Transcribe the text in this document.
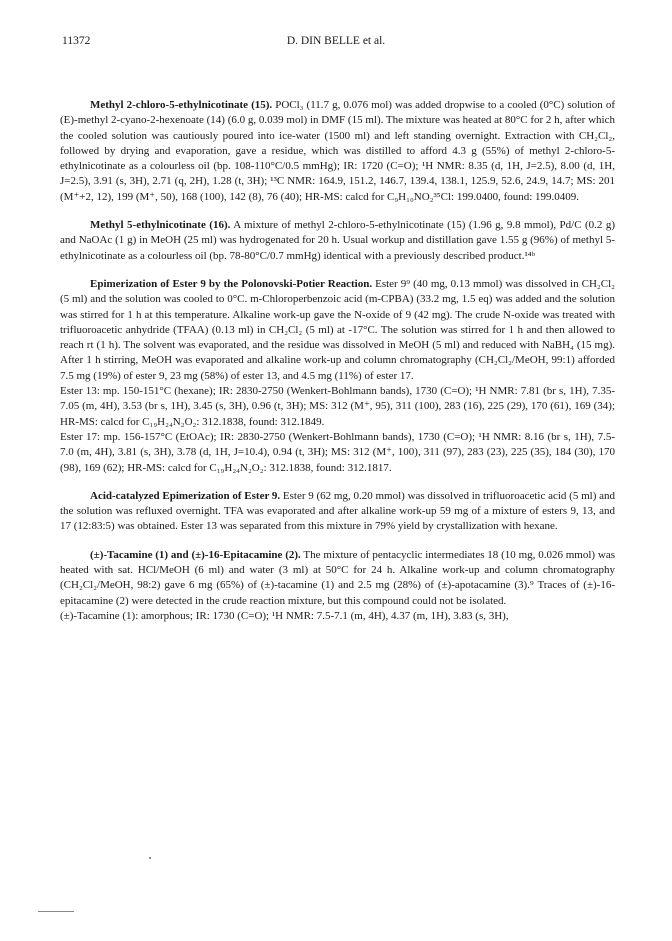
11372	D. DIN BELLE et al.

Methyl 2-chloro-5-ethylnicotinate (15). POCl₃ (11.7 g, 0.076 mol) was added dropwise to a cooled (0°C) solution of (E)-methyl 2-cyano-2-hexenoate (14) (6.0 g, 0.039 mol) in DMF (15 ml). The mixture was heated at 80°C for 2 h, after which the cooled solution was cautiously poured into ice-water (1500 ml) and left standing overnight. Extraction with CH₂Cl₂, followed by drying and evaporation, gave a residue, which was distilled to afford 4.3 g (55%) of methyl 2-chloro-5-ethylnicotinate as a colourless oil (bp. 108-110°C/0.5 mmHg); IR: 1720 (C=O); ¹H NMR: 8.35 (d, 1H, J=2.5), 8.00 (d, 1H, J=2.5), 3.91 (s, 3H), 2.71 (q, 2H), 1.28 (t, 3H); ¹³C NMR: 164.9, 151.2, 146.7, 139.4, 138.1, 125.9, 52.6, 24.9, 14.7; MS: 201 (M⁺+2, 12), 199 (M⁺, 50), 168 (100), 142 (8), 76 (40); HR-MS: calcd for C₉H₁₀NO₂³⁵Cl: 199.0400, found: 199.0409.

Methyl 5-ethylnicotinate (16). A mixture of methyl 2-chloro-5-ethylnicotinate (15) (1.96 g, 9.8 mmol), Pd/C (0.2 g) and NaOAc (1 g) in MeOH (25 ml) was hydrogenated for 20 h. Usual workup and distillation gave 1.55 g (96%) of methyl 5-ethylnicotinate as a colourless oil (bp. 78-80°C/0.7 mmHg) identical with a previously described product.¹⁴ᵇ

Epimerization of Ester 9 by the Polonovski-Potier Reaction. Ester 9⁹ (40 mg, 0.13 mmol) was dissolved in CH₂Cl₂ (5 ml) and the solution was cooled to 0°C. m-Chloroperbenzoic acid (m-CPBA) (33.2 mg, 1.5 eq) was added and the solution was stirred for 1 h at this temperature. Alkaline work-up gave the N-oxide of 9 (42 mg). The crude N-oxide was treated with trifluoroacetic anhydride (TFAA) (0.13 ml) in CH₂Cl₂ (5 ml) at -17°C. The solution was stirred for 1 h and then allowed to reach rt (1 h). The solvent was evaporated, and the residue was dissolved in MeOH (5 ml) and reduced with NaBH₄ (15 mg). After 1 h stirring, MeOH was evaporated and alkaline work-up and column chromatography (CH₂Cl₂/MeOH, 99:1) afforded 7.5 mg (19%) of ester 9, 23 mg (58%) of ester 13, and 4.5 mg (11%) of ester 17.

Ester 13: mp. 150-151°C (hexane); IR: 2830-2750 (Wenkert-Bohlmann bands), 1730 (C=O); ¹H NMR: 7.81 (br s, 1H), 7.35-7.05 (m, 4H), 3.53 (br s, 1H), 3.45 (s, 3H), 0.96 (t, 3H); MS: 312 (M⁺, 95), 311 (100), 283 (16), 225 (29), 170 (61), 169 (34); HR-MS: calcd for C₁₉H₂₄N₂O₂: 312.1838, found: 312.1849.

Ester 17: mp. 156-157°C (EtOAc); IR: 2830-2750 (Wenkert-Bohlmann bands), 1730 (C=O); ¹H NMR: 8.16 (br s, 1H), 7.5-7.0 (m, 4H), 3.81 (s, 3H), 3.78 (d, 1H, J=10.4), 0.94 (t, 3H); MS: 312 (M⁺, 100), 311 (97), 283 (23), 225 (35), 184 (30), 170 (98), 169 (62); HR-MS: calcd for C₁₉H₂₄N₂O₂: 312.1838, found: 312.1817.

Acid-catalyzed Epimerization of Ester 9. Ester 9 (62 mg, 0.20 mmol) was dissolved in trifluoroacetic acid (5 ml) and the solution was refluxed overnight. TFA was evaporated and after alkaline work-up 59 mg of a mixture of esters 9, 13, and 17 (12:83:5) was obtained. Ester 13 was separated from this mixture in 79% yield by crystallization with hexane.

(±)-Tacamine (1) and (±)-16-Epitacamine (2). The mixture of pentacyclic intermediates 18 (10 mg, 0.026 mmol) was heated with sat. HCl/MeOH (6 ml) and water (3 ml) at 50°C for 24 h. Alkaline work-up and column chromatography (CH₂Cl₂/MeOH, 98:2) gave 6 mg (65%) of (±)-tacamine (1) and 2.5 mg (28%) of (±)-apotacamine (3).⁹ Traces of (±)-16-epitacamine (2) were detected in the crude reaction mixture, but this compound could not be isolated.

(±)-Tacamine (1): amorphous; IR: 1730 (C=O); ¹H NMR: 7.5-7.1 (m, 4H), 4.37 (m, 1H), 3.83 (s, 3H),
